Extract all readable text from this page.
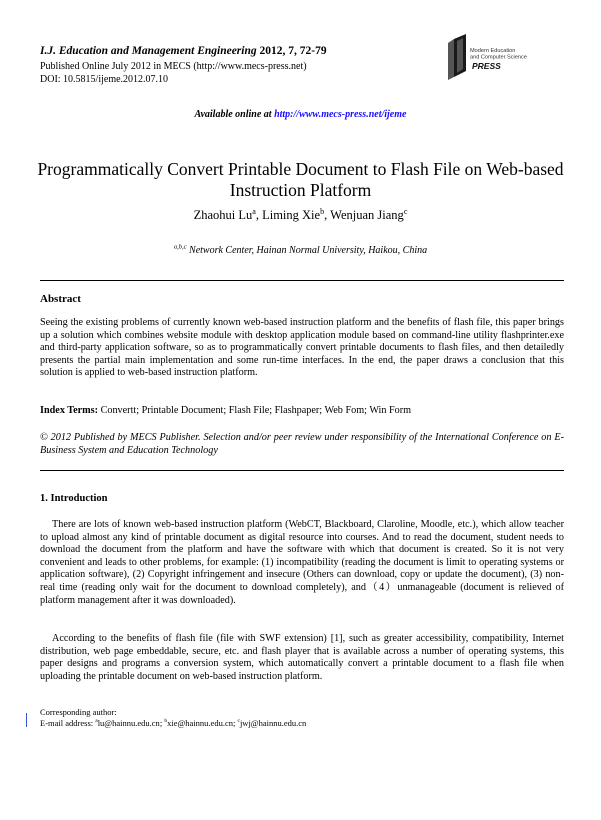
I.J. Education and Management Engineering 2012, 7, 72-79
Published Online July 2012 in MECS (http://www.mecs-press.net)
DOI: 10.5815/ijeme.2012.07.10
Modern Education
and Computer Science
PRESS
Available online at http://www.mecs-press.net/ijeme
Programmatically Convert Printable Document to Flash File on Web-based Instruction Platform
Zhaohui Lu$^a$, Liming Xie$^b$, Wenjuan Jiang$^c$
$^{a,b,c}$ Network Center, Hainan Normal University, Haikou, China
Abstract
Seeing the existing problems of currently known web-based instruction platform and the benefits of flash file, this paper brings up a solution which combines website module with desktop application module based on command-line utility flashprinter.exe and third-party application software, so as to programmatically convert printable documents to flash files, and then detailedly presents the partial main implementation and some run-time interfaces. In the end, the paper draws a conclusion that this solution is applied to web-based instruction platform.
Index Terms: Convertt; Printable Document; Flash File; Flashpaper; Web Fom; Win Form
© 2012 Published by MECS Publisher. Selection and/or peer review under responsibility of the International Conference on E-Business System and Education Technology
1. Introduction
There are lots of known web-based instruction platform (WebCT, Blackboard, Claroline, Moodle, etc.), which allow teacher to upload almost any kind of printable document as digital resource into courses. And to read the document, student needs to download the document from the platform and have the software with which that document is created. So it is not very convenient and leads to other problems, for example: (1) incompatibility (reading the document is limit to operating systems or application software), (2) Copyright infringement and insecure (Others can download, copy or update the document), (3) non-real time (reading only wait for the document to download completely), and（4）unmanageable (document is relieved of platform management after it was downloaded).
According to the benefits of flash file (file with SWF extension) [1], such as greater accessibility, compatibility, Internet distribution, web page embeddable, secure, etc. and flash player that is available across a number of operating systems, this paper designs and programs a conversion system, which automatically convert a printable document to a flash file when uploading the printable document on web-based instruction platform.
Corresponding author:
E-mail address: $^a$lu@hainnu.edu.cn; $^b$xie@hainnu.edu.cn; $^c$jwj@hainnu.edu.cn
